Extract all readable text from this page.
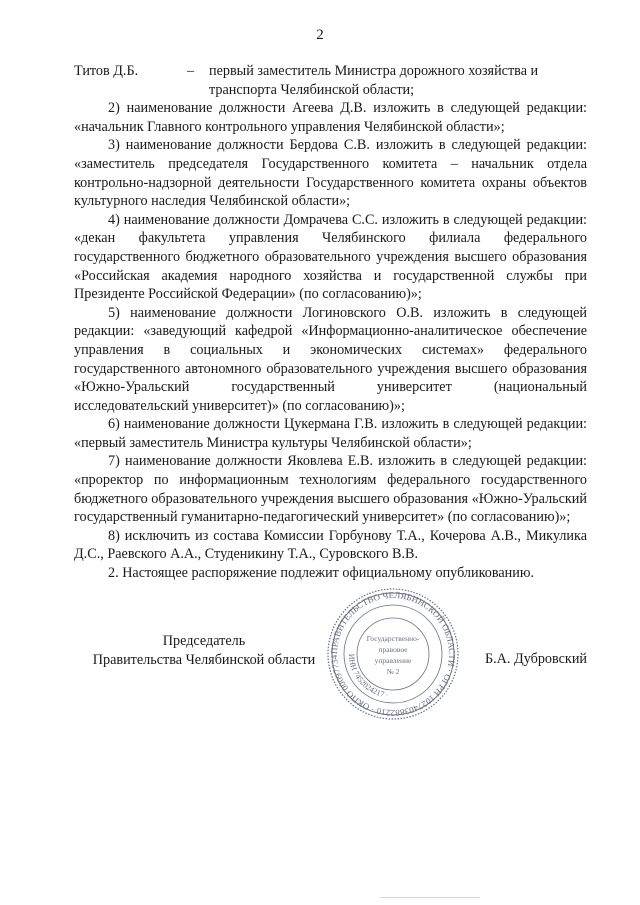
2
Титов Д.Б.	–	первый заместитель Министра дорожного хозяйства и
транспорта Челябинской области;

2) наименование должности Агеева Д.В. изложить в следующей редакции: «начальник Главного контрольного управления Челябинской области»;

3) наименование должности Бердова С.В. изложить в следующей редакции: «заместитель председателя Государственного комитета – начальник отдела контрольно-надзорной деятельности Государственного комитета охраны объектов культурного наследия Челябинской области»;

4) наименование должности Домрачева С.С. изложить в следующей редакции: «декан факультета управления Челябинского филиала федерального государственного бюджетного образовательного учреждения высшего образования «Российская академия народного хозяйства и государственной службы при Президенте Российской Федерации» (по согласованию)»;

5) наименование должности Логиновского О.В. изложить в следующей редакции: «заведующий кафедрой «Информационно-аналитическое обеспечение управления в социальных и экономических системах» федерального государственного автономного образовательного учреждения высшего образования «Южно-Уральский государственный университет (национальный исследовательский университет)» (по согласованию)»;

6) наименование должности Цукермана Г.В. изложить в следующей редакции: «первый заместитель Министра культуры Челябинской области»;

7) наименование должности Яковлева Е.В. изложить в следующей редакции: «проректор по информационным технологиям федерального государственного бюджетного образовательного учреждения высшего образования «Южно-Уральский государственный гуманитарно-педагогический университет» (по согласованию)»;

8) исключить из состава Комиссии Горбунову Т.А., Кочерова А.В., Микулика Д.С., Раевского А.А., Студеникину Т.А., Суровского В.В.

2. Настоящее распоряжение подлежит официальному опубликованию.

ПРАВИТЕЛЬСТВО ЧЕЛЯБИНСКОЙ ОБЛАСТИ · ОГРН 1027403882210 · ОКПО 00097734 ИНН 7452024217 ·
Государственно-
правовое
управление
№ 2
Председатель
Правительства Челябинской области	Б.А. Дубровский
